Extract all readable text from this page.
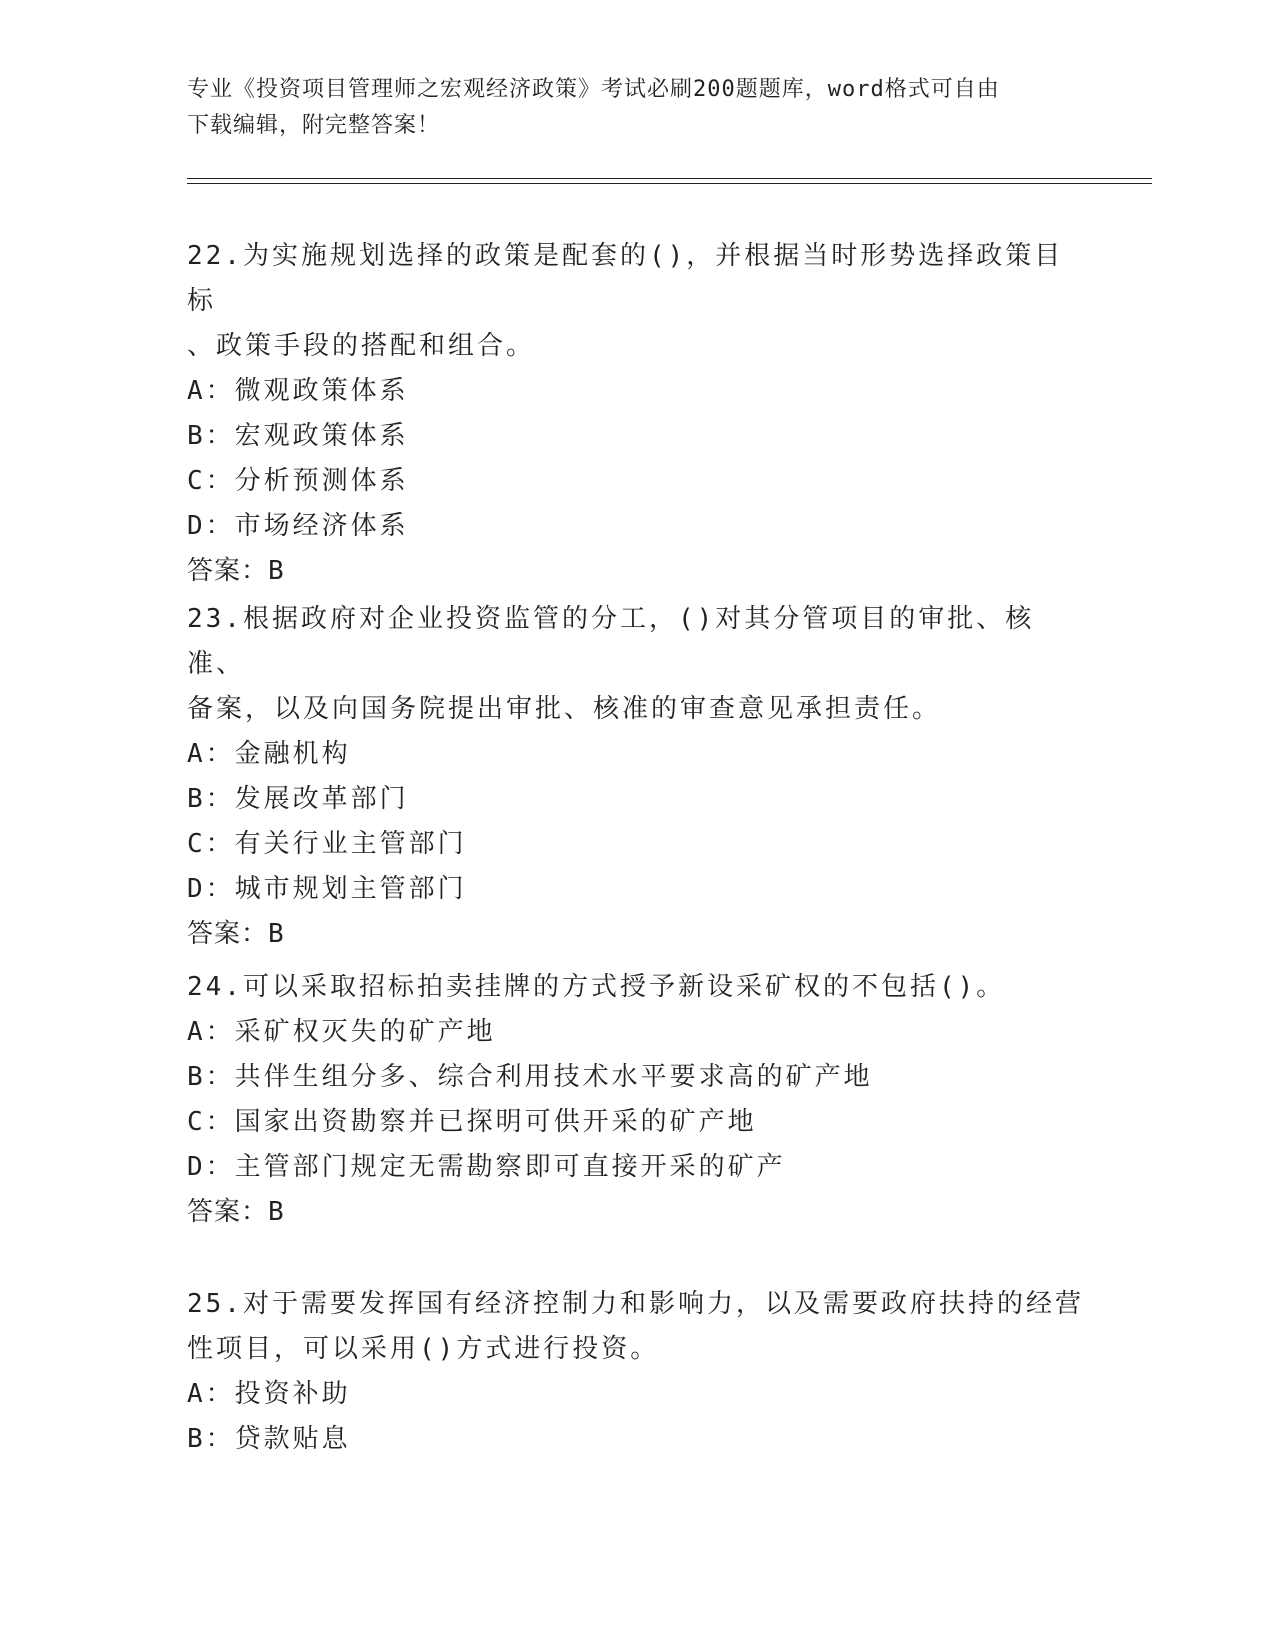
专业《投资项目管理师之宏观经济政策》考试必刷200题题库，word格式可自由
下载编辑，附完整答案！
22.为实施规划选择的政策是配套的()，并根据当时形势选择政策目标
、政策手段的搭配和组合。
A：微观政策体系
B：宏观政策体系
C：分析预测体系
D：市场经济体系
答案：B
23.根据政府对企业投资监管的分工，()对其分管项目的审批、核准、
备案，以及向国务院提出审批、核准的审查意见承担责任。
A：金融机构
B：发展改革部门
C：有关行业主管部门
D：城市规划主管部门
答案：B
24.可以采取招标拍卖挂牌的方式授予新设采矿权的不包括()。
A：采矿权灭失的矿产地
B：共伴生组分多、综合利用技术水平要求高的矿产地
C：国家出资勘察并已探明可供开采的矿产地
D：主管部门规定无需勘察即可直接开采的矿产
答案：B
25.对于需要发挥国有经济控制力和影响力，以及需要政府扶持的经营
性项目，可以采用()方式进行投资。
A：投资补助
B：贷款贴息
